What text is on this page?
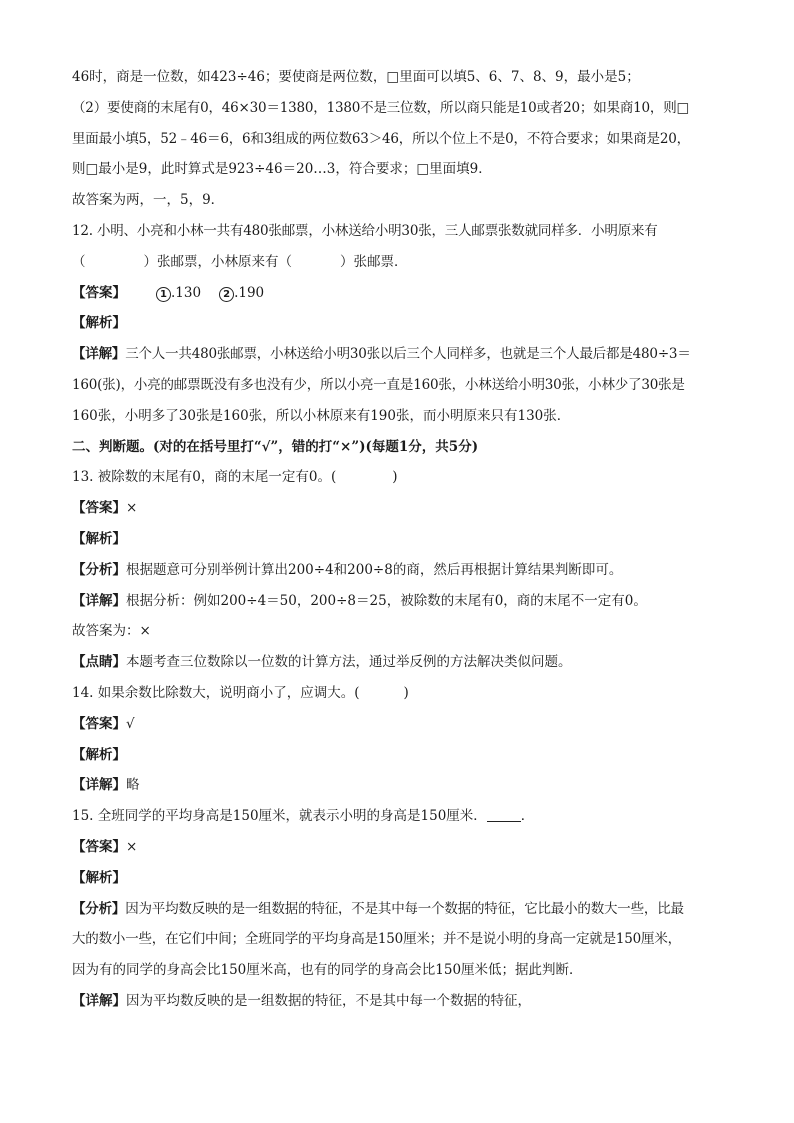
46时，商是一位数，如423÷46；要使商是两位数，□里面可以填5、6、7、8、9，最小是5；
（2）要使商的末尾有0，46×30＝1380，1380不是三位数，所以商只能是10或者20；如果商10，则□
里面最小填5，52﹣46＝6，6和3组成的两位数63＞46，所以个位上不是0，不符合要求；如果商是20，
则□最小是9，此时算式是923÷46＝20…3，符合要求；□里面填9．
故答案为两，一，5，9．
12. 小明、小亮和小林一共有480张邮票，小林送给小明30张，三人邮票张数就同样多．小明原来有
（	）张邮票，小林原来有（	）张邮票．
【答案】	1 .130 2 .190
【解析】
【详解】三个人一共480张邮票，小林送给小明30张以后三个人同样多，也就是三个人最后都是480÷3＝
160(张)，小亮的邮票既没有多也没有少，所以小亮一直是160张，小林送给小明30张，小林少了30张是
160张，小明多了30张是160张，所以小林原来有190张，而小明原来只有130张．
二、判断题。(对的在括号里打“√”，错的打“×”)(每题1分，共5分)
13. 被除数的末尾有0，商的末尾一定有0。(	)
【答案】×
【解析】
【分析】根据题意可分别举例计算出200÷4和200÷8的商，然后再根据计算结果判断即可。
【详解】根据分析：例如200÷4＝50，200÷8＝25，被除数的末尾有0，商的末尾不一定有0。
故答案为：×
【点睛】本题考查三位数除以一位数的计算方法，通过举反例的方法解决类似问题。
14. 如果余数比除数大，说明商小了，应调大。(	)
【答案】√
【解析】
【详解】略
15. 全班同学的平均身高是150厘米，就表示小明的身高是150厘米．	．
【答案】×
【解析】
【分析】因为平均数反映的是一组数据的特征，不是其中每一个数据的特征，它比最小的数大一些，比最
大的数小一些，在它们中间；全班同学的平均身高是150厘米；并不是说小明的身高一定就是150厘米，
因为有的同学的身高会比150厘米高，也有的同学的身高会比150厘米低；据此判断．
【详解】因为平均数反映的是一组数据的特征，不是其中每一个数据的特征，
